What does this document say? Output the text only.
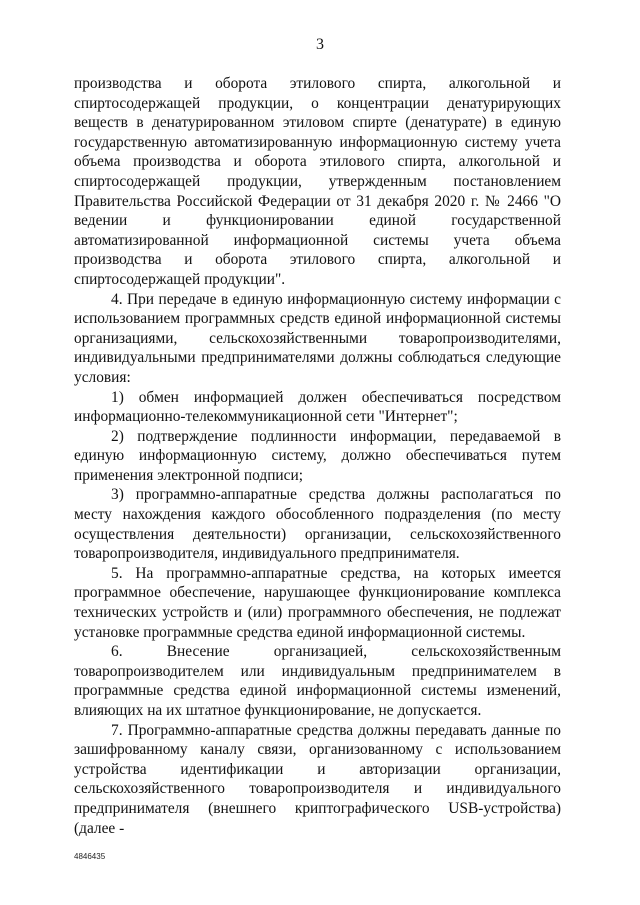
3

производства и оборота этилового спирта, алкогольной и спиртосодержащей продукции, о концентрации денатурирующих веществ в денатурированном этиловом спирте (денатурате) в единую государственную автоматизированную информационную систему учета объема производства и оборота этилового спирта, алкогольной и спиртосодержащей продукции, утвержденным постановлением Правительства Российской Федерации от 31 декабря 2020 г. № 2466 "О ведении и функционировании единой государственной автоматизированной информационной системы учета объема производства и оборота этилового спирта, алкогольной и спиртосодержащей продукции".

4. При передаче в единую информационную систему информации с использованием программных средств единой информационной системы организациями, сельскохозяйственными товаропроизводителями, индивидуальными предпринимателями должны соблюдаться следующие условия:

1) обмен информацией должен обеспечиваться посредством информационно-телекоммуникационной сети "Интернет";

2) подтверждение подлинности информации, передаваемой в единую информационную систему, должно обеспечиваться путем применения электронной подписи;

3) программно-аппаратные средства должны располагаться по месту нахождения каждого обособленного подразделения (по месту осуществления деятельности) организации, сельскохозяйственного товаропроизводителя, индивидуального предпринимателя.

5. На программно-аппаратные средства, на которых имеется программное обеспечение, нарушающее функционирование комплекса технических устройств и (или) программного обеспечения, не подлежат установке программные средства единой информационной системы.

6. Внесение организацией, сельскохозяйственным товаропроизводителем или индивидуальным предпринимателем в программные средства единой информационной системы изменений, влияющих на их штатное функционирование, не допускается.

7. Программно-аппаратные средства должны передавать данные по зашифрованному каналу связи, организованному с использованием устройства идентификации и авторизации организации, сельскохозяйственного товаропроизводителя и индивидуального предпринимателя (внешнего криптографического USB-устройства) (далее -

4846435
